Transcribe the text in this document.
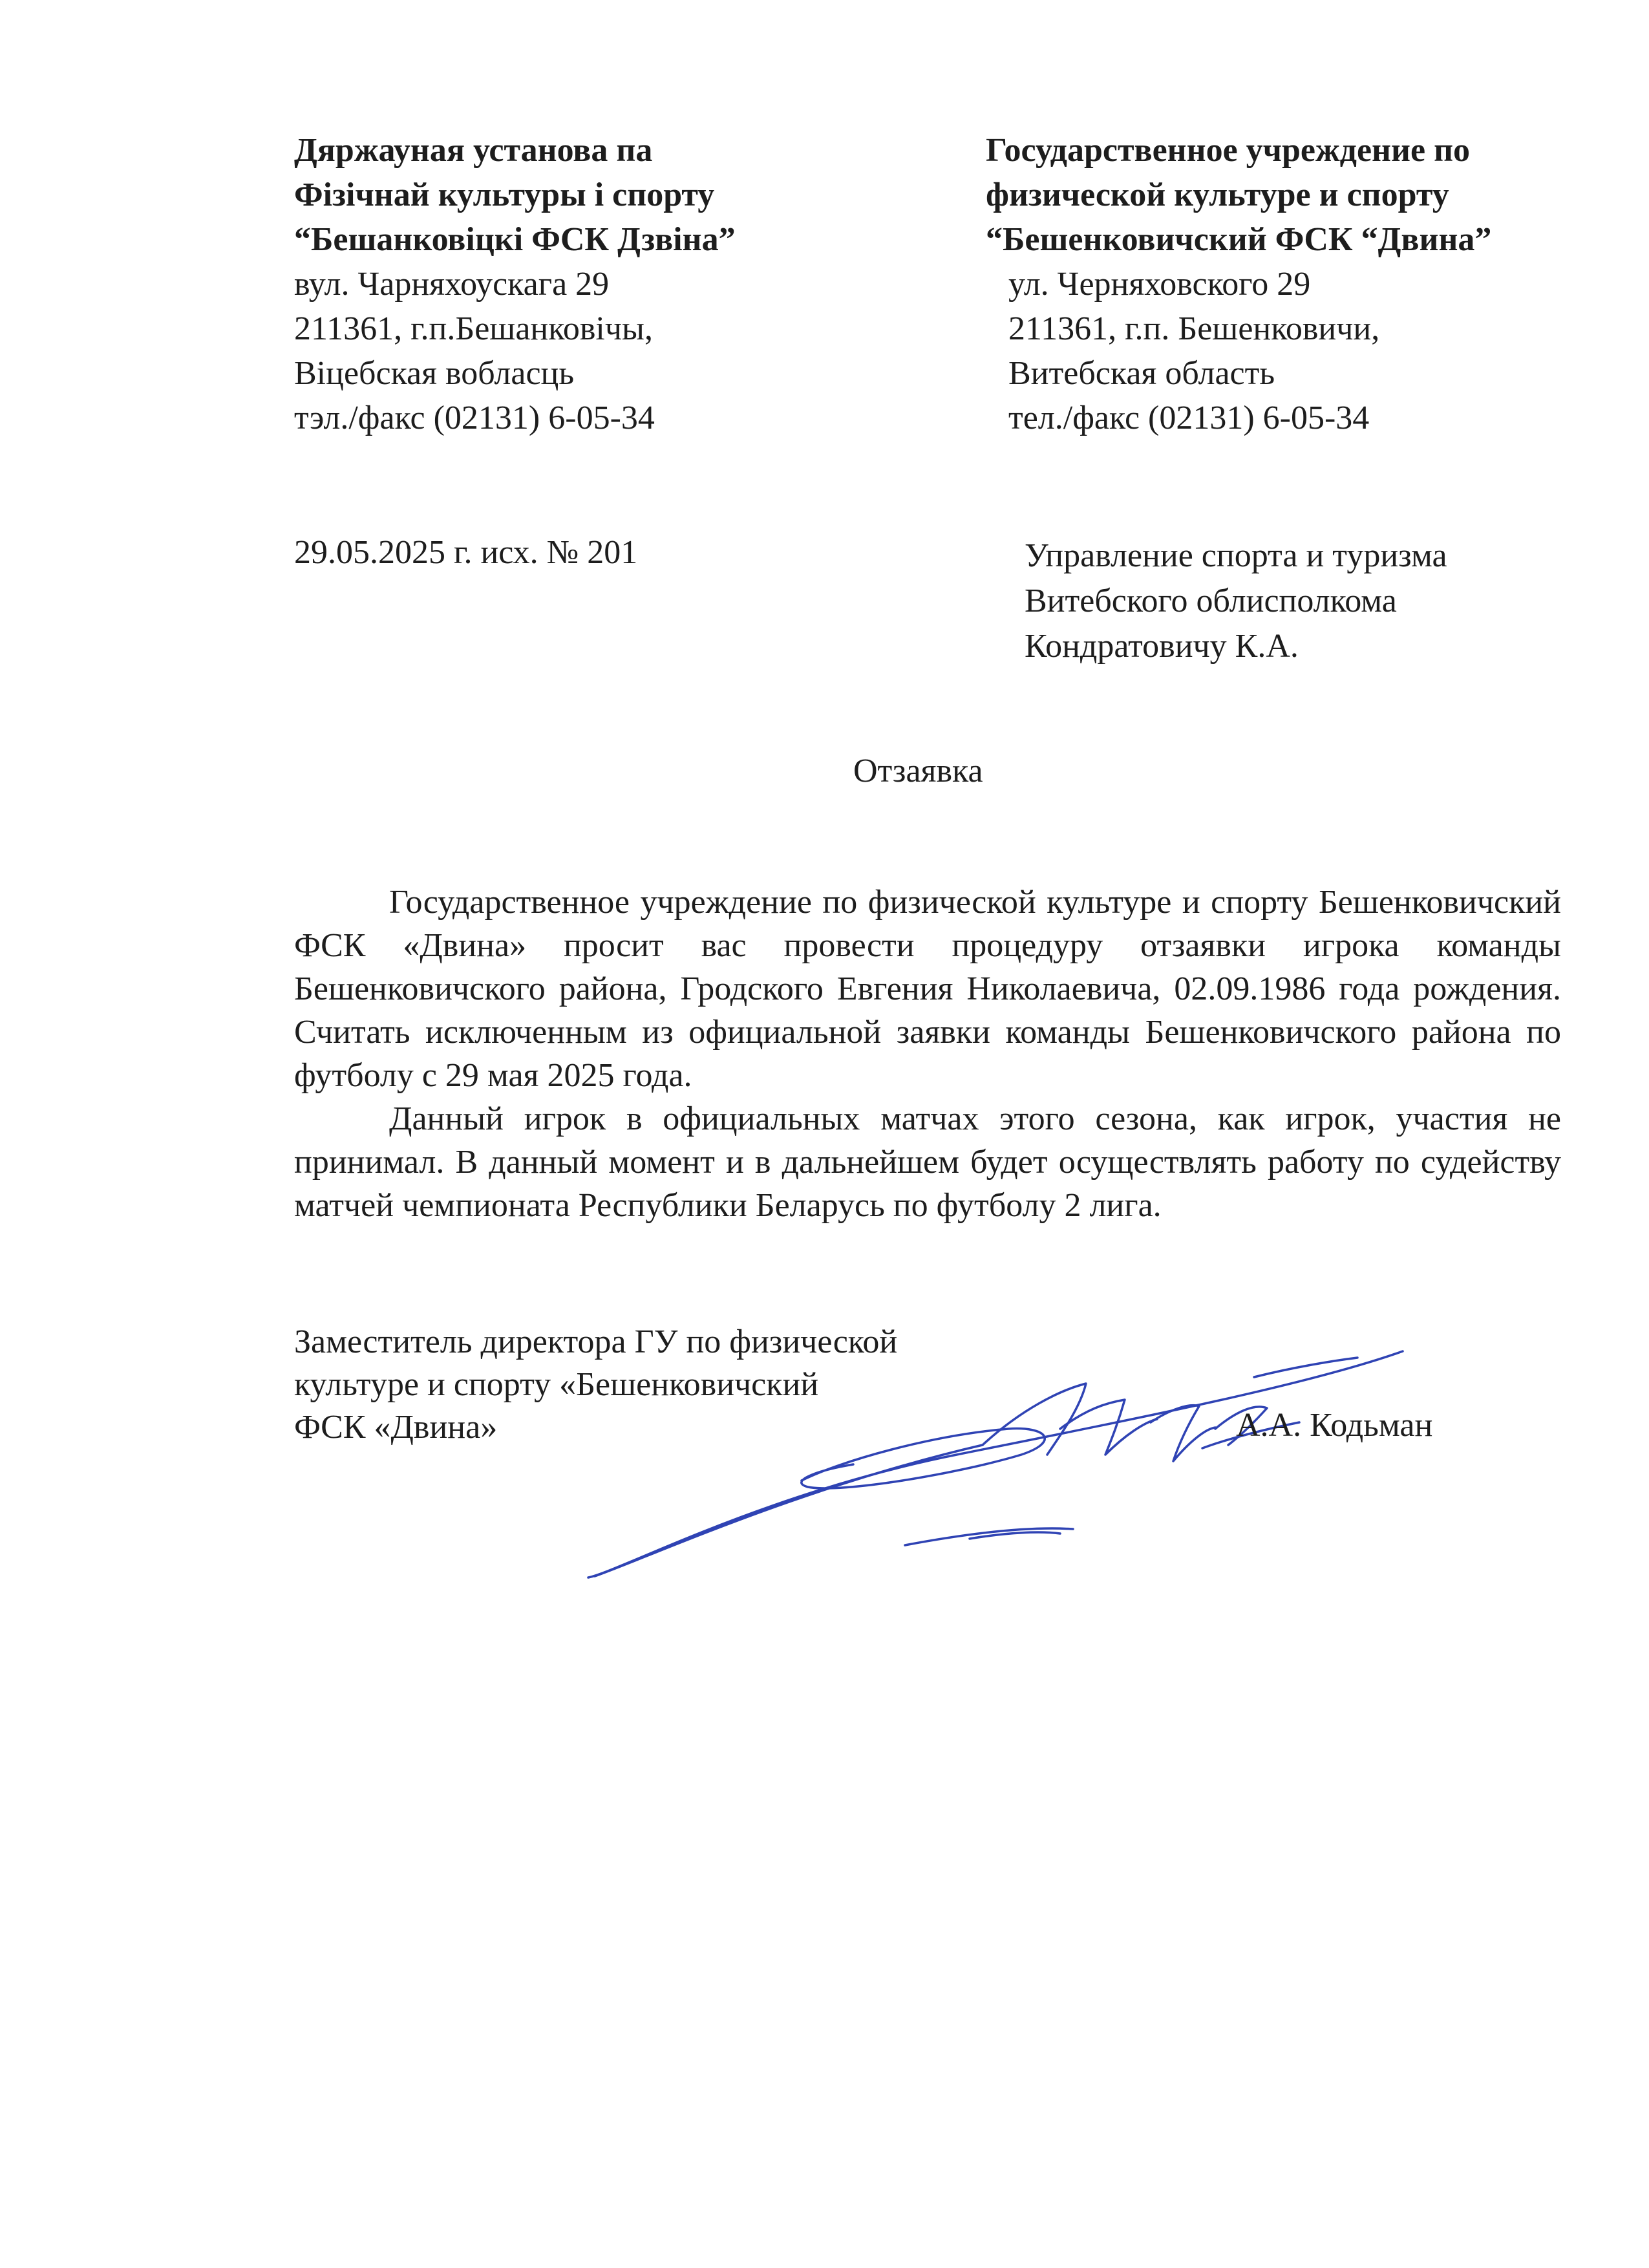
Дяржауная установа па
Фізічнай культуры і спорту
“Бешанковіцкі ФСК Дзвіна”
вул. Чарняхоускага 29
211361, г.п.Бешанковічы,
Віцебская вобласць
тэл./факс (02131) 6-05-34
Государственное учреждение по
физической культуре и спорту
“Бешенковичский ФСК “Двина”
ул. Черняховского 29
211361, г.п. Бешенковичи,
Витебская область
тел./факс (02131) 6-05-34
29.05.2025 г. исх. № 201	Управление спорта и туризма
Витебского облисполкома
Кондратовичу К.А.
Отзаявка

Государственное учреждение по физической культуре и спорту Бешенковичский ФСК «Двина» просит вас провести процедуру отзаявки игрока команды Бешенковичского района, Гродского Евгения Николаевича, 02.09.1986 года рождения. Считать исключенным из официальной заявки команды Бешенковичского района по футболу с 29 мая 2025 года.

Данный игрок в официальных матчах этого сезона, как игрок, участия не принимал. В данный момент и в дальнейшем будет осуществлять работу по судейству матчей чемпионата Республики Беларусь по футболу 2 лига.

Заместитель директора ГУ по физической
культуре и спорту «Бешенковичский
ФСК «Двина»	А.А. Кодьман
